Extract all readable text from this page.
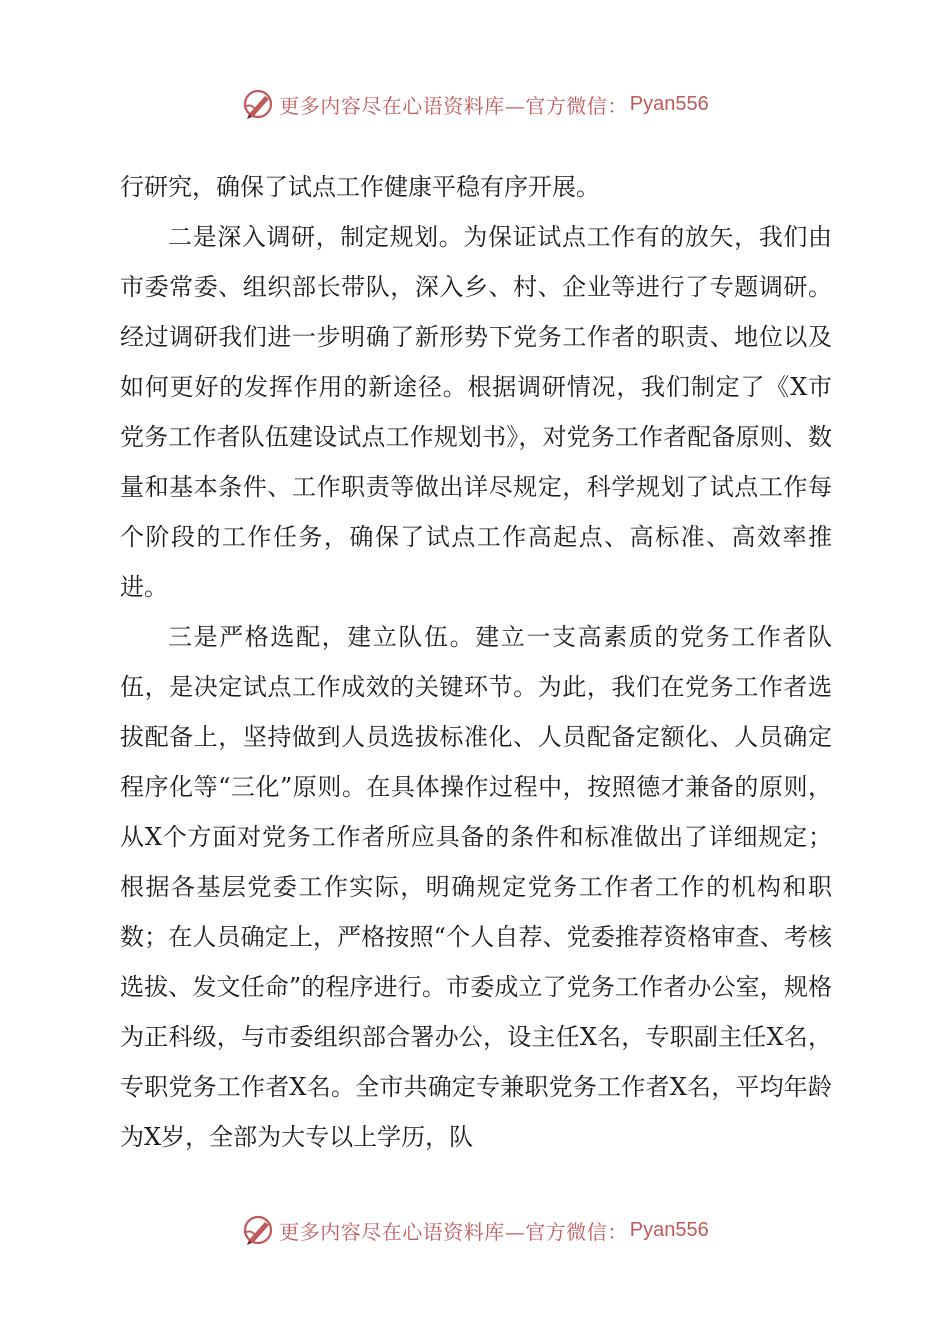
更多内容尽在心语资料库—官方微信： Pyan556

行研究，确保了试点工作健康平稳有序开展。

二是深入调研，制定规划。为保证试点工作有的放矢，我们由市委常委、组织部长带队，深入乡、村、企业等进行了专题调研。经过调研我们进一步明确了新形势下党务工作者的职责、地位以及如何更好的发挥作用的新途径。根据调研情况，我们制定了《X市党务工作者队伍建设试点工作规划书》，对党务工作者配备原则、数量和基本条件、工作职责等做出详尽规定，科学规划了试点工作每个阶段的工作任务，确保了试点工作高起点、高标准、高效率推进。

三是严格选配，建立队伍。建立一支高素质的党务工作者队伍，是决定试点工作成效的关键环节。为此，我们在党务工作者选拔配备上，坚持做到人员选拔标准化、人员配备定额化、人员确定程序化等“三化”原则。在具体操作过程中，按照德才兼备的原则，从X个方面对党务工作者所应具备的条件和标准做出了详细规定；根据各基层党委工作实际，明确规定党务工作者工作的机构和职数；在人员确定上，严格按照“个人自荐、党委推荐资格审查、考核选拔、发文任命”的程序进行。市委成立了党务工作者办公室，规格为正科级，与市委组织部合署办公，设主任X名，专职副主任X名，专职党务工作者X名。全市共确定专兼职党务工作者X名，平均年龄为X岁，全部为大专以上学历，队

更多内容尽在心语资料库—官方微信： Pyan556
